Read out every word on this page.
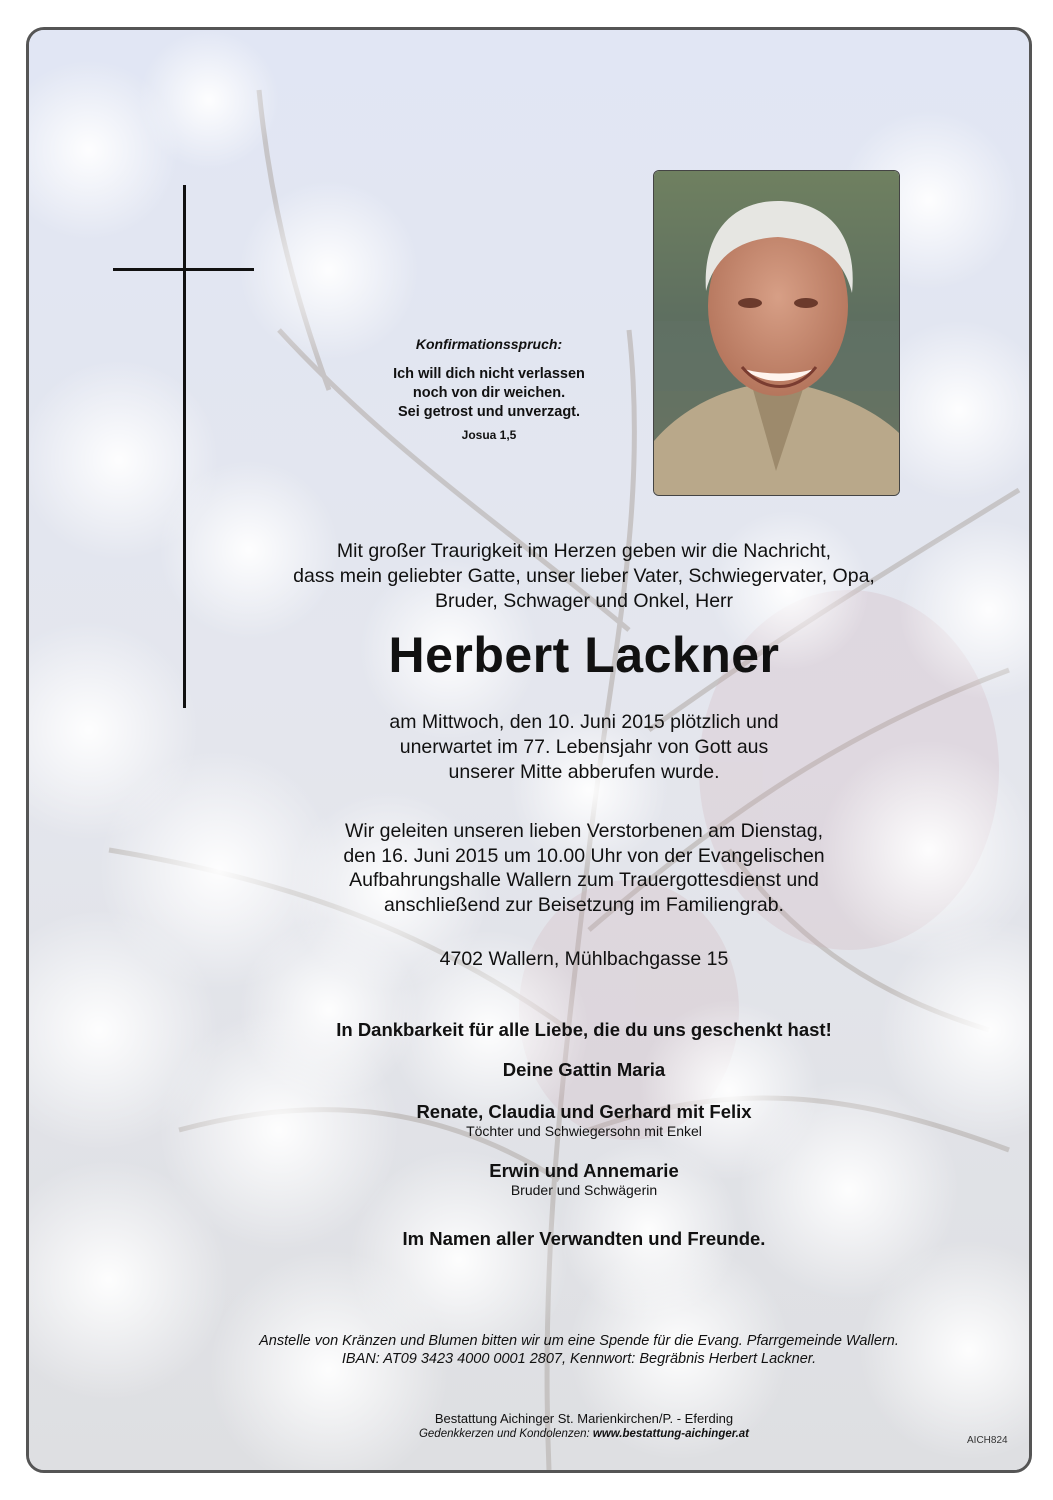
Konfirmationsspruch:
Ich will dich nicht verlassen
noch von dir weichen.
Sei getrost und unverzagt.
Josua 1,5
Mit großer Traurigkeit im Herzen geben wir die Nachricht,
dass mein geliebter Gatte, unser lieber Vater, Schwiegervater, Opa,
Bruder, Schwager und Onkel, Herr
Herbert Lackner
am Mittwoch, den 10. Juni 2015 plötzlich und
unerwartet im 77. Lebensjahr von Gott aus
unserer Mitte abberufen wurde.
Wir geleiten unseren lieben Verstorbenen am Dienstag,
den 16. Juni 2015 um 10.00 Uhr von der Evangelischen
Aufbahrungshalle Wallern zum Trauergottesdienst und
anschließend zur Beisetzung im Familiengrab.
4702 Wallern, Mühlbachgasse 15
In Dankbarkeit für alle Liebe, die du uns geschenkt hast!
Deine Gattin Maria
Renate, Claudia und Gerhard mit Felix
Töchter und Schwiegersohn mit Enkel
Erwin und Annemarie
Bruder und Schwägerin
Im Namen aller Verwandten und Freunde.
Anstelle von Kränzen und Blumen bitten wir um eine Spende für die Evang. Pfarrgemeinde Wallern.
IBAN: AT09 3423 4000 0001 2807, Kennwort: Begräbnis Herbert Lackner.
Bestattung Aichinger St. Marienkirchen/P. - Eferding
Gedenkkerzen und Kondolenzen: www.bestattung-aichinger.at
AICH824
